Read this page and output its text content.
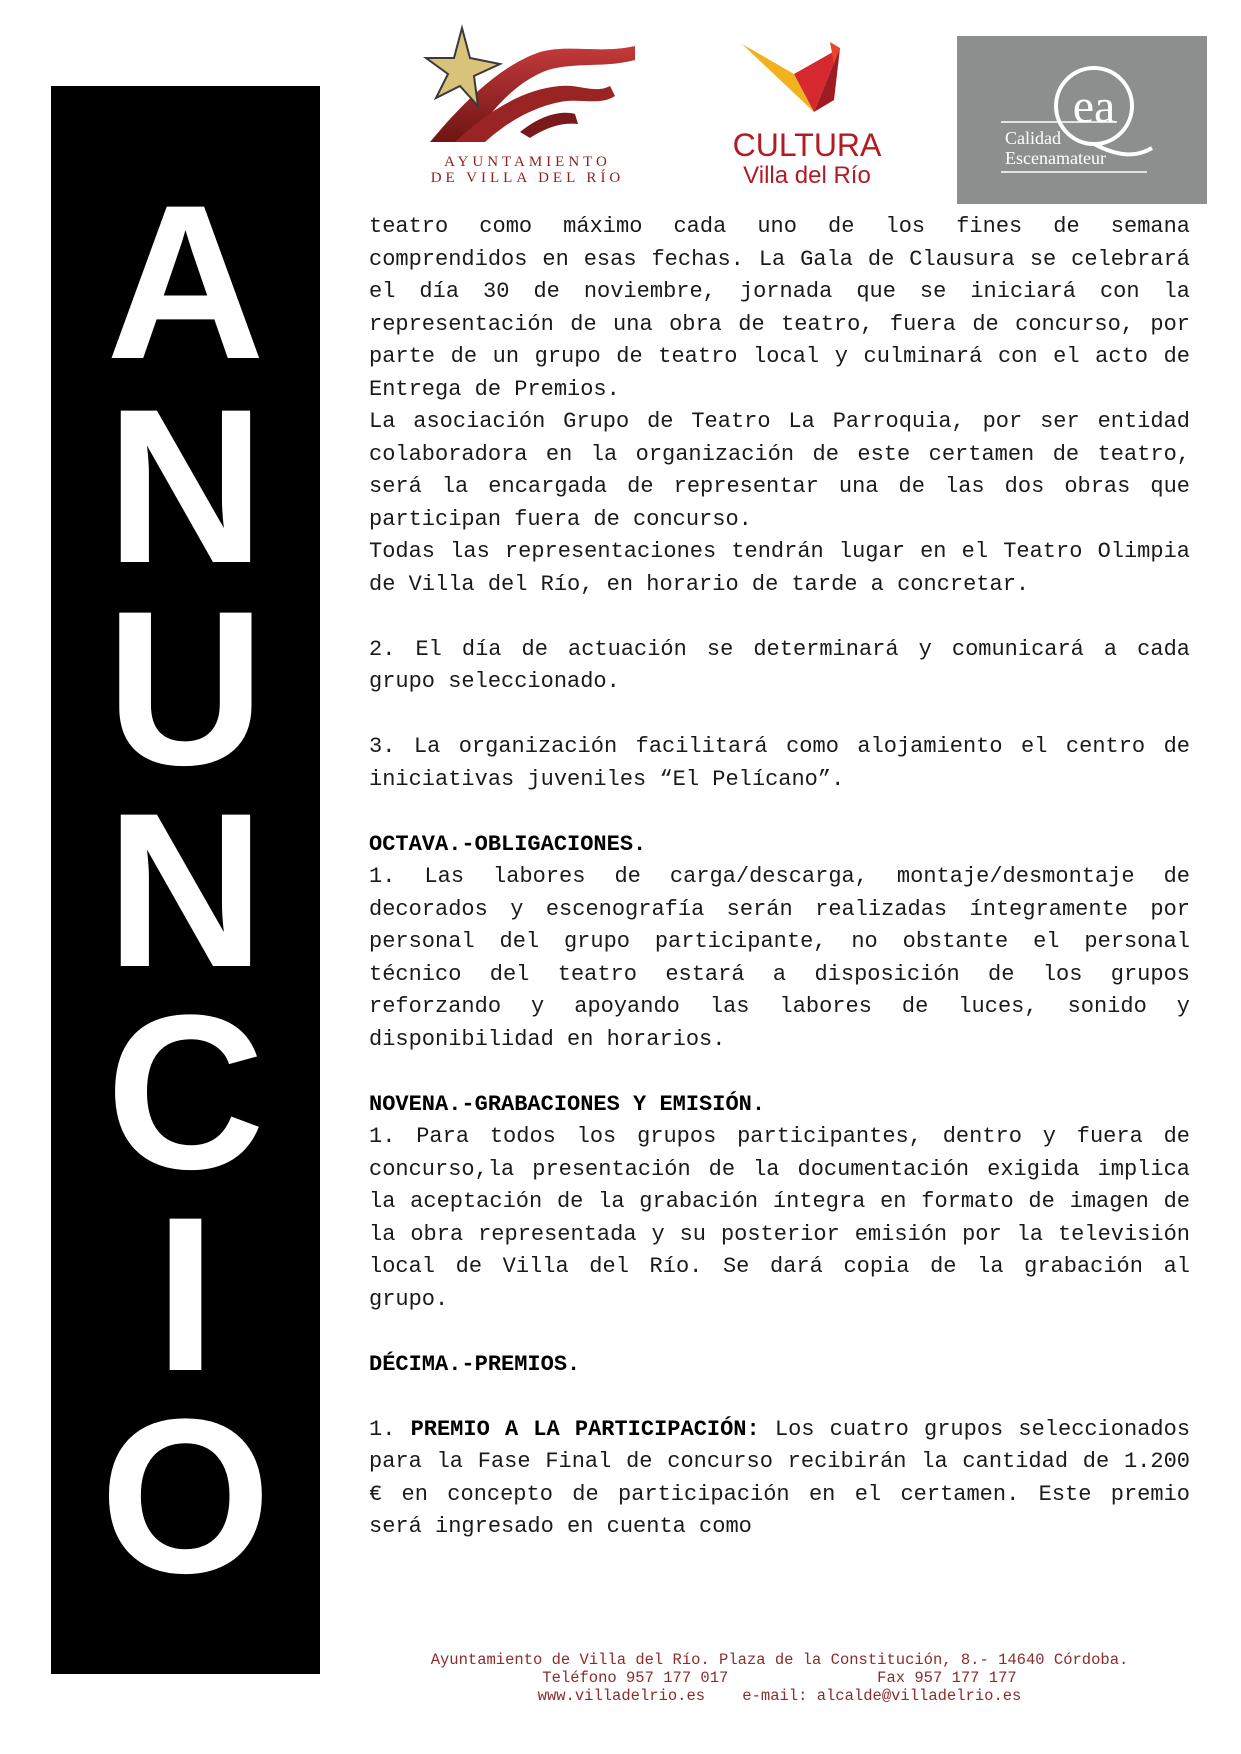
A
N
U
N
C
I
O
AYUNTAMIENTO
DE VILLA DEL RÍO
CULTURA
Villa del Río
ea
Calidad
Escenamateur

teatro como máximo cada uno de los fines de semana comprendidos en esas fechas. La Gala de Clausura se celebrará el día 30 de noviembre, jornada que se iniciará con la representación de una obra de teatro, fuera de concurso, por parte de un grupo de teatro local y culminará con el acto de Entrega de Premios.

La asociación Grupo de Teatro La Parroquia, por ser entidad colaboradora en la organización de este certamen de teatro, será la encargada de representar una de las dos obras que participan fuera de concurso.

Todas las representaciones tendrán lugar en el Teatro Olimpia de Villa del Río, en horario de tarde a concretar.

2. El día de actuación se determinará y comunicará a cada grupo seleccionado.

3. La organización facilitará como alojamiento el centro de iniciativas juveniles “El Pelícano”.

OCTAVA.-OBLIGACIONES.

1. Las labores de carga/descarga, montaje/desmontaje de decorados y escenografía serán realizadas íntegramente por personal del grupo participante, no obstante el personal técnico del teatro estará a disposición de los grupos reforzando y apoyando las labores de luces, sonido y disponibilidad en horarios.

NOVENA.-GRABACIONES Y EMISIÓN.

1. Para todos los grupos participantes, dentro y fuera de concurso,la presentación de la documentación exigida implica la aceptación de la grabación íntegra en formato de imagen de la obra representada y su posterior emisión por la televisión local de Villa del Río. Se dará copia de la grabación al grupo.

DÉCIMA.-PREMIOS.

1. PREMIO A LA PARTICIPACIÓN: Los cuatro grupos seleccionados para la Fase Final de concurso recibirán la cantidad de 1.200 € en concepto de participación en el certamen. Este premio será ingresado en cuenta como

Ayuntamiento de Villa del Río. Plaza de la Constitución, 8.- 14640 Córdoba.
Teléfono 957 177 017	Fax 957 177 177
www.villadelrio.es e-mail: alcalde@villadelrio.es
